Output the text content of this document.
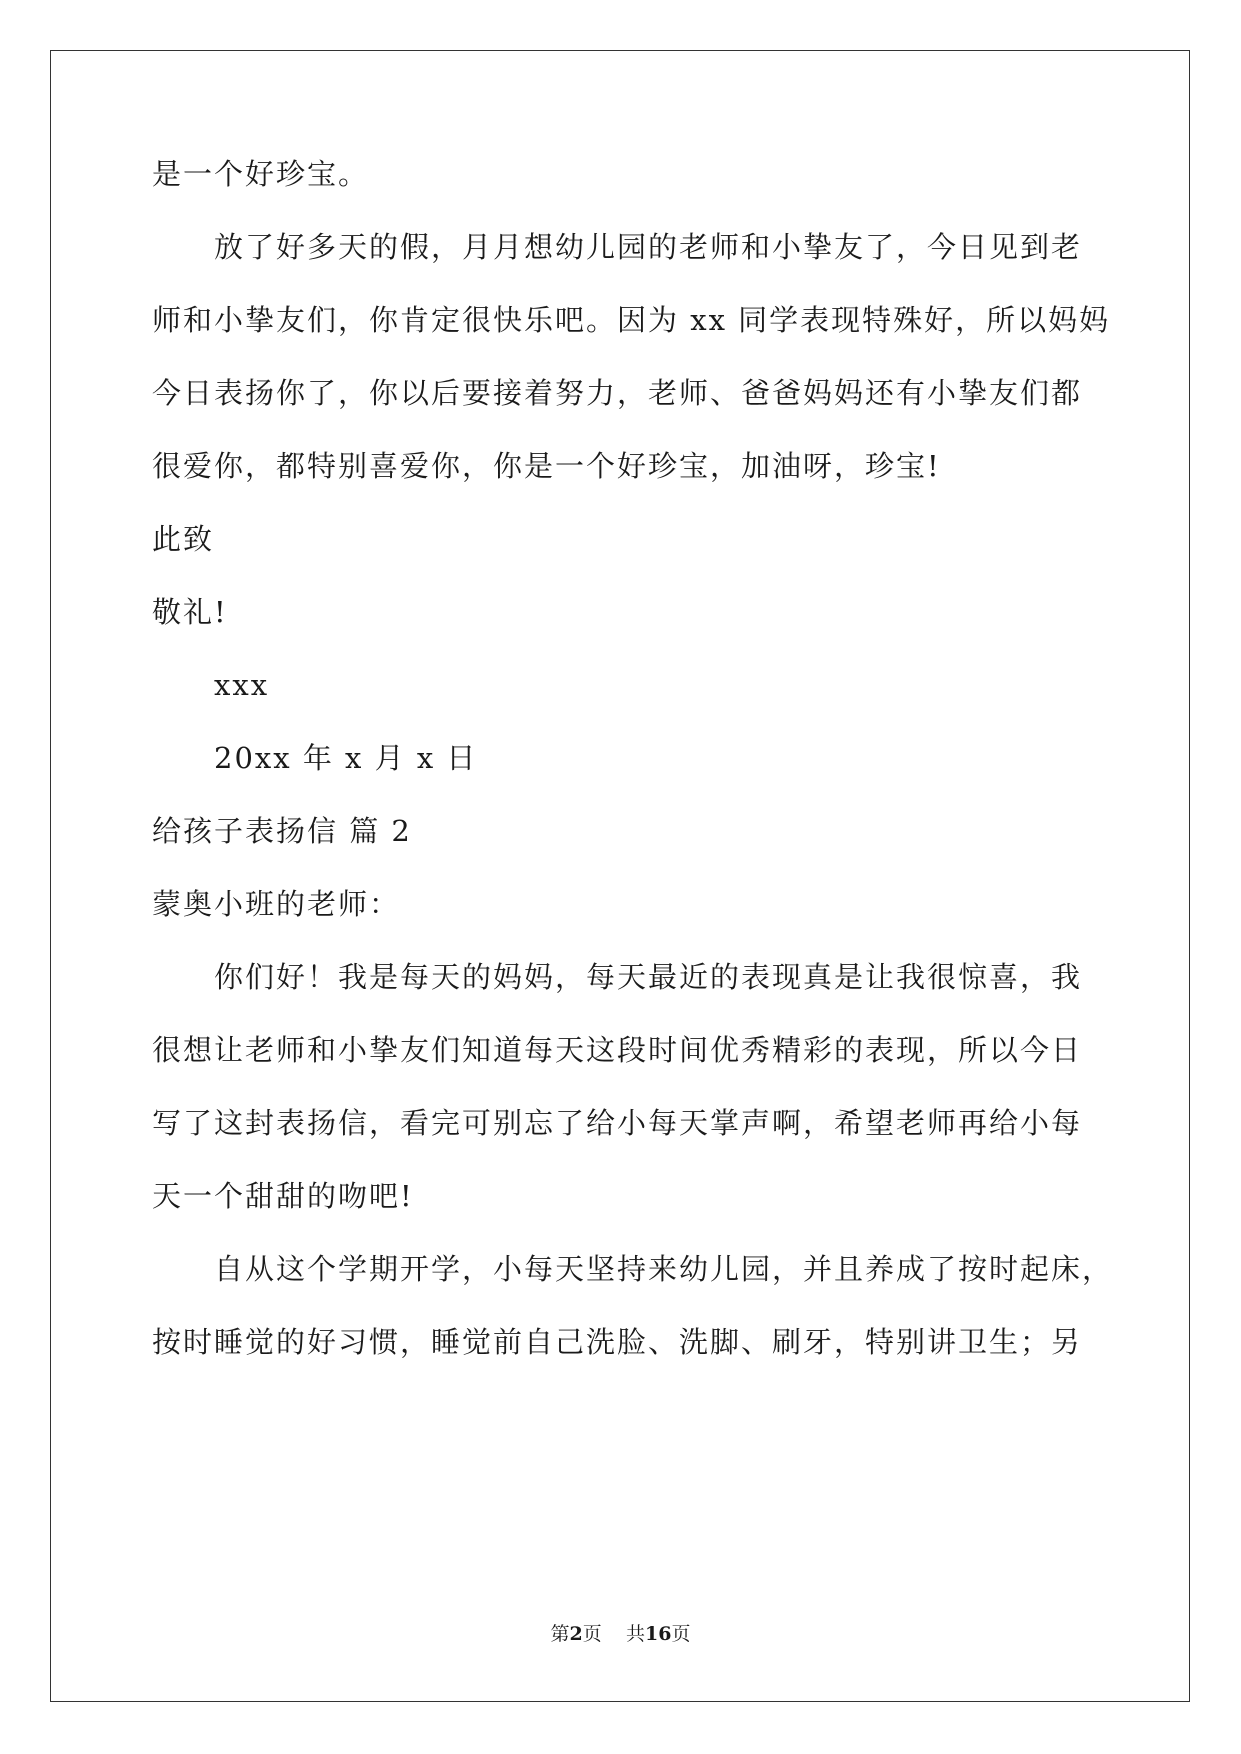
是一个好珍宝。
放了好多天的假，月月想幼儿园的老师和小挚友了，今日见到老
师和小挚友们，你肯定很快乐吧。因为 xx 同学表现特殊好，所以妈妈
今日表扬你了，你以后要接着努力，老师、爸爸妈妈还有小挚友们都
很爱你，都特别喜爱你，你是一个好珍宝，加油呀，珍宝!
此致
敬礼!
xxx
20xx 年 x 月 x 日
给孩子表扬信 篇 2
蒙奥小班的老师：
你们好！我是每天的妈妈，每天最近的表现真是让我很惊喜，我
很想让老师和小挚友们知道每天这段时间优秀精彩的表现，所以今日
写了这封表扬信，看完可别忘了给小每天掌声啊，希望老师再给小每
天一个甜甜的吻吧!
自从这个学期开学，小每天坚持来幼儿园，并且养成了按时起床，
按时睡觉的好习惯，睡觉前自己洗脸、洗脚、刷牙，特别讲卫生；另
第2页 共16页
